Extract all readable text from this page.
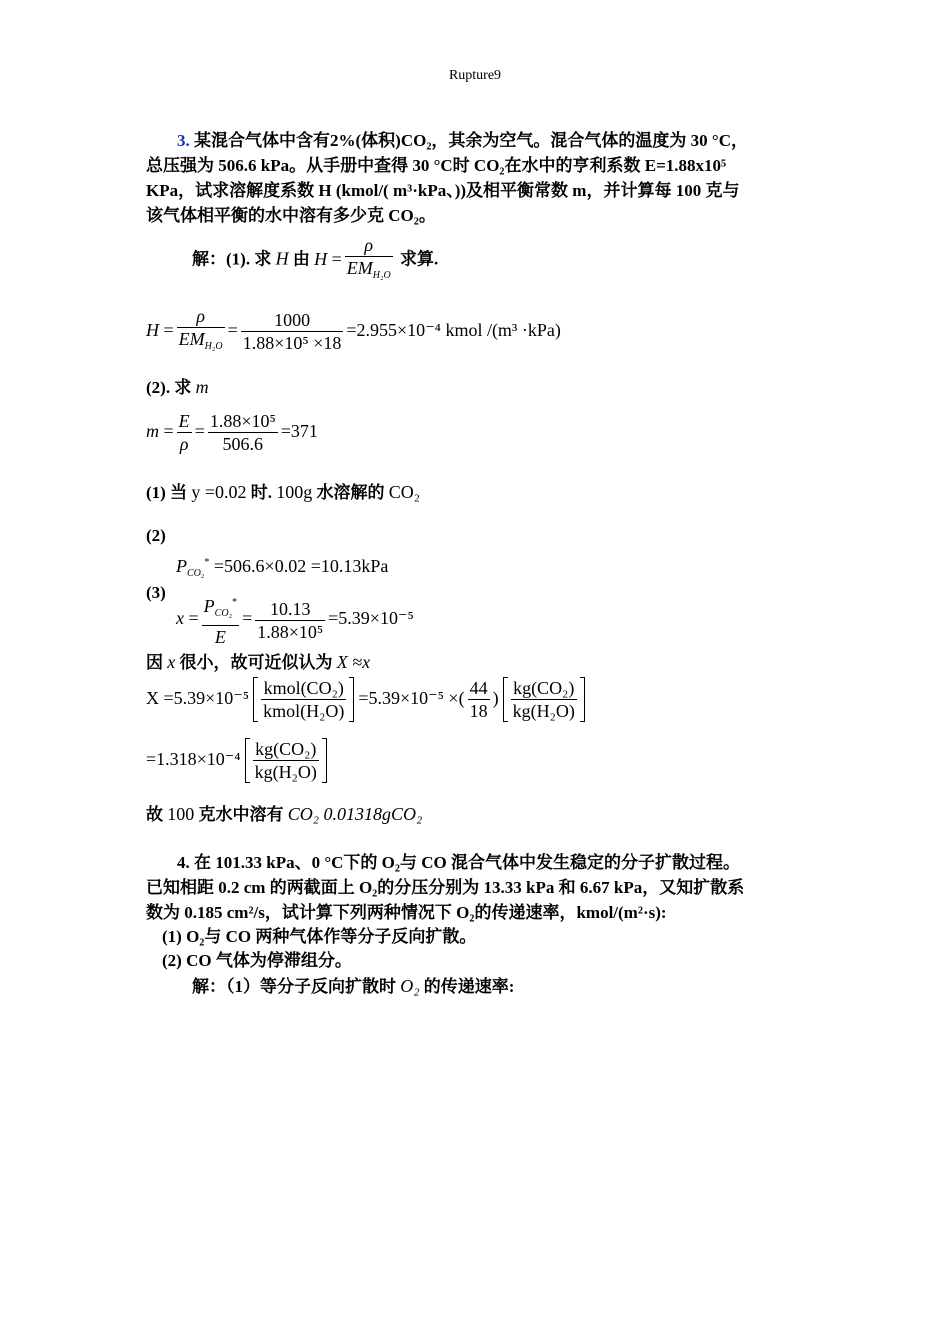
Rupture9
3. 某混合气体中含有2%(体积)CO₂，其余为空气。混合气体的温度为 30 °C，
总压强为 506.6 kPa。从手册中查得 30 °C时 CO₂在水中的亨利系数 E=1.88x10⁵
KPa，试求溶解度系数 H (kmol/( m³·kPa、))及相平衡常数 m，并计算每 100 克与
该气体相平衡的水中溶有多少克 CO₂。
解：(1). 求 H 由 $H = \frac{\rho}{EM_{H_2O}}$ 求算.
$H = \frac{\rho}{EM_{H_2O}} = \frac{1000}{\text{1.88×10⁵ ×18}} =2.955\times 10^{-4}$ kmol /(m³ ·kPa)
(2). 求 m
$m = \frac{E}{\rho} = \frac{\text{1.88×10⁵}}{506.6} =371$
(1) 当 y =0.02 时. 100g 水溶解的 CO₂
(2)
$P_{CO_2}^* =506.6\times 0.02 =10.13kPa$
(3)
$x = \frac{P_{CO_2}^*}{E} = \frac{10.13}{\text{1.88×10⁵}} =5.39\times 10^{-5}$
因 x 很小，故可近似认为 X ≈x
$X =5.39\times 10^{-5} \frac{\text{kmol(CO₂)}}{\text{kmol(H₂O)}} =5.39\times 10^{-5}$ ×( $\frac{44}{18}$ ) $\frac{\text{kg(CO₂)}}{\text{kg(H₂O)}}$
$=1.318\times 10^{-4} \frac{\text{kg(CO₂)}}{\text{kg(H₂O)}}$
故 100 克水中溶有 CO₂ 0.01318gCO₂
4. 在 101.33 kPa、0 °C下的 O₂与 CO 混合气体中发生稳定的分子扩散过程。
已知相距 0.2 cm 的两截面上 O₂的分压分别为 13.33 kPa 和 6.67 kPa，又知扩散系
数为 0.185 cm²/s，试计算下列两种情况下 O₂的传递速率，kmol/(m²·s):
(1) O₂与 CO 两种气体作等分子反向扩散。
(2) CO 气体为停滞组分。
解：（1）等分子反向扩散时 O₂ 的传递速率:
